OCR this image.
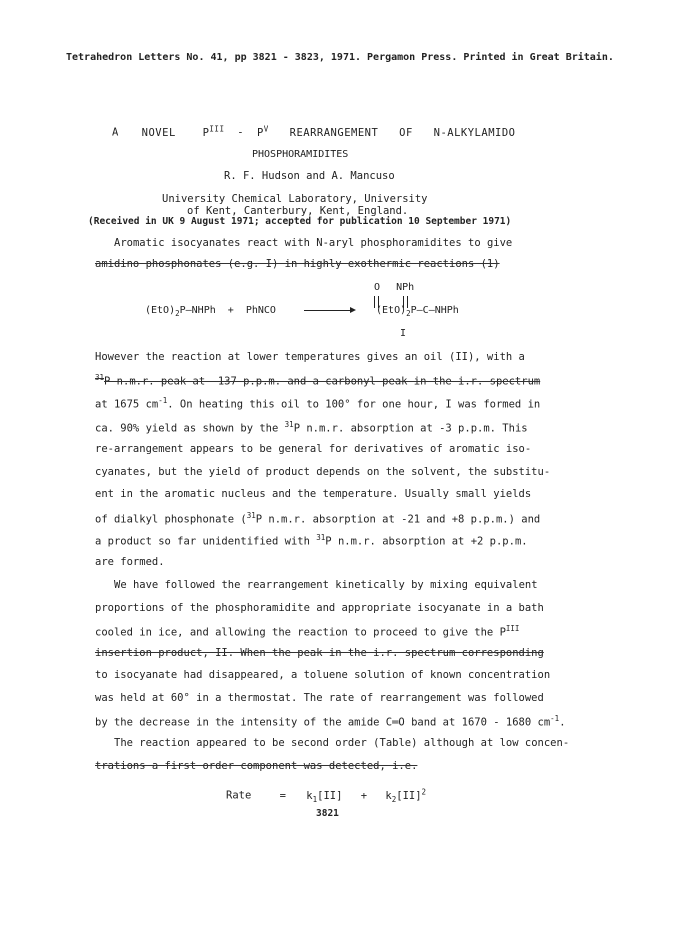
Tetrahedron Letters No. 41, pp 3821 - 3823, 1971. Pergamon Press. Printed in Great Britain.
A NOVEL	$P^{III} - P^V$ REARRANGEMENT OF N-ALKYLAMIDO
PHOSPHORAMIDITES
R. F. Hudson and A. Mancuso
University Chemical Laboratory, University
of Kent, Canterbury, Kent, England.
(Received in UK 9 August 1971; accepted for publication 10 September 1971)
Aromatic isocyanates react with N-aryl phosphoramidites to give
amidino phosphonates (e.g. I) in highly exothermic reactions (1)
O NPh

$(EtO)_2P—NHPh$ + PhNCO	$(EtO)_2P—C—NHPh$
I
However the reaction at lower temperatures gives an oil (II), with a
$^{31}$P n.m.r. peak at -137 p.p.m. and a carbonyl peak in the i.r. spectrum
at 1675 $cm^{-1}$. On heating this oil to 100° for one hour, I was formed in
ca. 90% yield as shown by the $^{31}$P n.m.r. absorption at -3 p.p.m. This
re-arrangement appears to be general for derivatives of aromatic iso-
cyanates, but the yield of product depends on the solvent, the substitu-
ent in the aromatic nucleus and the temperature. Usually small yields
of dialkyl phosphonate ($^{31}$P n.m.r. absorption at -21 and +8 p.p.m.) and
a product so far unidentified with $^{31}$P n.m.r. absorption at +2 p.p.m.
are formed.
We have followed the rearrangement kinetically by mixing equivalent
proportions of the phosphoramidite and appropriate isocyanate in a bath
cooled in ice, and allowing the reaction to proceed to give the $P^{III}$
insertion product, II. When the peak in the i.r. spectrum corresponding
to isocyanate had disappeared, a toluene solution of known concentration
was held at 60° in a thermostat. The rate of rearrangement was followed
by the decrease in the intensity of the amide C═O band at 1670 - 1680 $cm^{-1}$.
The reaction appeared to be second order (Table) although at low concen-
trations a first order component was detected, i.e.
Rate	= $k_1[II] + k_2[II]^2$
3821
